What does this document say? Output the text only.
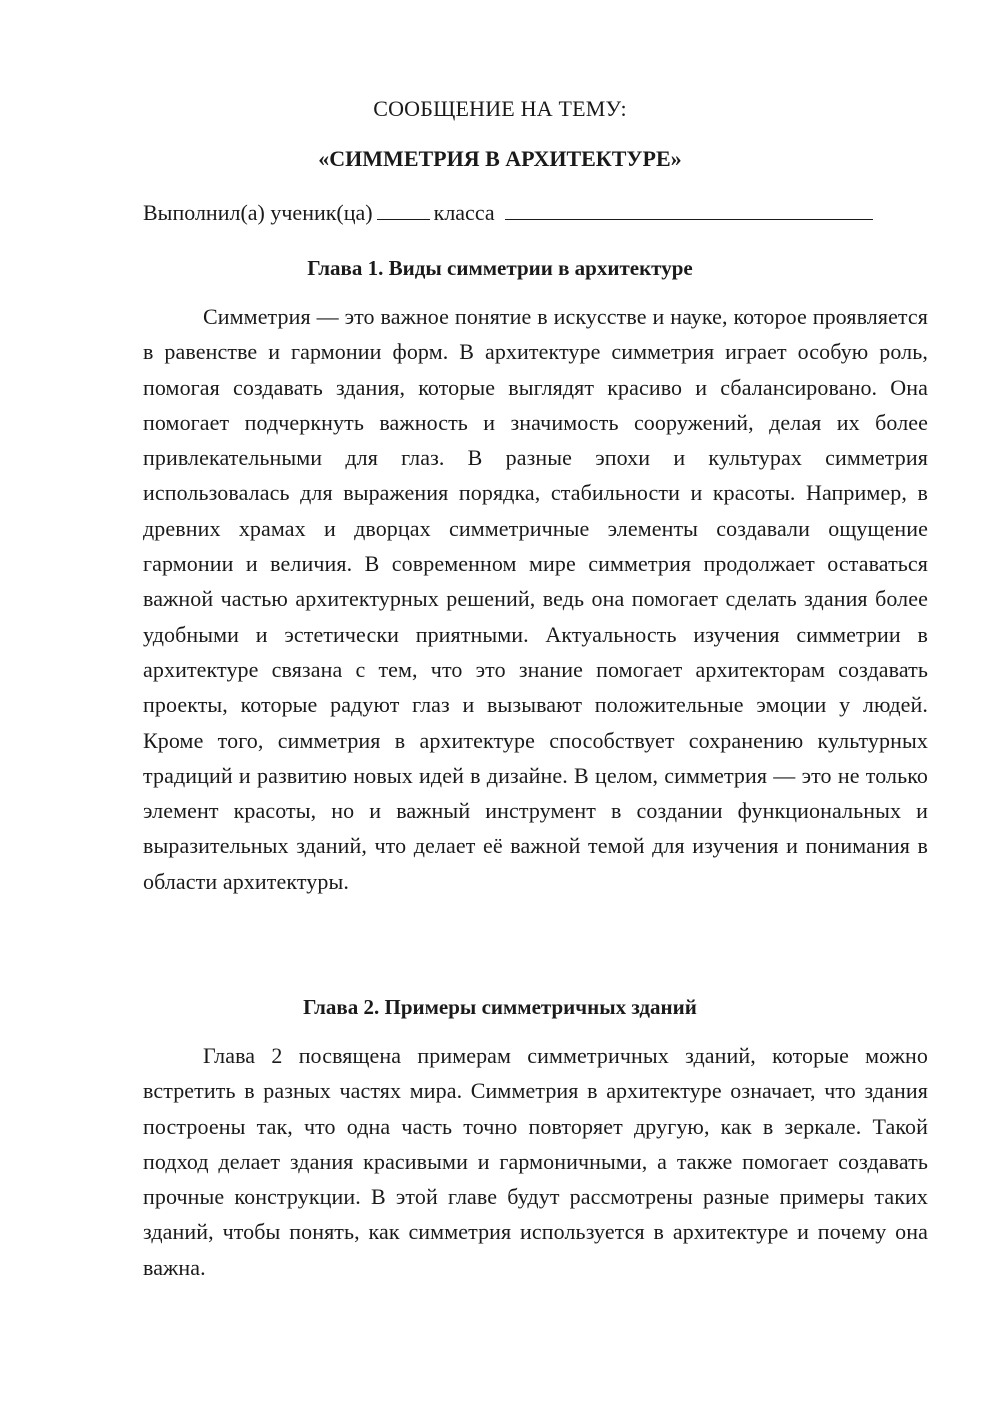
СООБЩЕНИЕ НА ТЕМУ:
«СИММЕТРИЯ В АРХИТЕКТУРЕ»
Выполнил(а) ученик(ца)	класса
Глава 1. Виды симметрии в архитектуре
Симметрия — это важное понятие в искусстве и науке, которое проявляется в равенстве и гармонии форм. В архитектуре симметрия играет особую роль, помогая создавать здания, которые выглядят красиво и сбалансировано. Она помогает подчеркнуть важность и значимость сооружений, делая их более привлекательными для глаз. В разные эпохи и культурах симметрия использовалась для выражения порядка, стабильности и красоты. Например, в древних храмах и дворцах симметричные элементы создавали ощущение гармонии и величия. В современном мире симметрия продолжает оставаться важной частью архитектурных решений, ведь она помогает сделать здания более удобными и эстетически приятными. Актуальность изучения симметрии в архитектуре связана с тем, что это знание помогает архитекторам создавать проекты, которые радуют глаз и вызывают положительные эмоции у людей. Кроме того, симметрия в архитектуре способствует сохранению культурных традиций и развитию новых идей в дизайне. В целом, симметрия — это не только элемент красоты, но и важный инструмент в создании функциональных и выразительных зданий, что делает её важной темой для изучения и понимания в области архитектуры.
Глава 2. Примеры симметричных зданий
Глава 2 посвящена примерам симметричных зданий, которые можно встретить в разных частях мира. Симметрия в архитектуре означает, что здания построены так, что одна часть точно повторяет другую, как в зеркале. Такой подход делает здания красивыми и гармоничными, а также помогает создавать прочные конструкции. В этой главе будут рассмотрены разные примеры таких зданий, чтобы понять, как симметрия используется в архитектуре и почему она важна.
